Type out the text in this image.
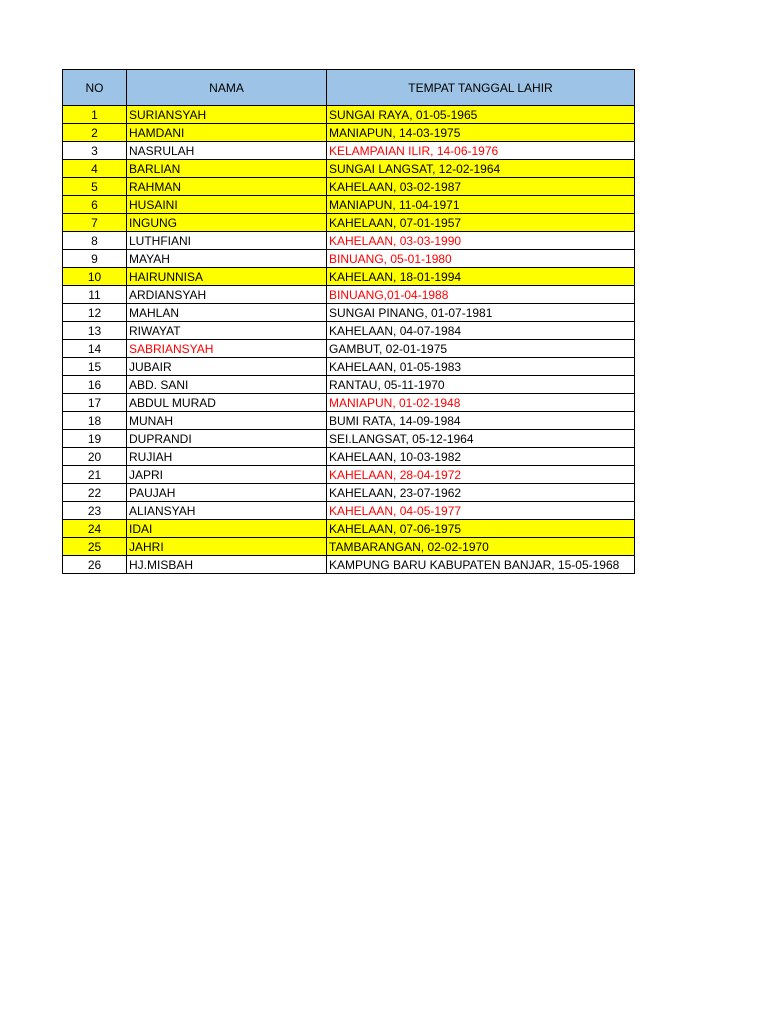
NO	NAMA	TEMPAT TANGGAL LAHIR
1	SURIANSYAH	SUNGAI RAYA, 01-05-1965
2	HAMDANI	MANIAPUN, 14-03-1975
3	NASRULAH	KELAMPAIAN ILIR, 14-06-1976
4	BARLIAN	SUNGAI LANGSAT, 12-02-1964
5	RAHMAN	KAHELAAN, 03-02-1987
6	HUSAINI	MANIAPUN, 11-04-1971
7	INGUNG	KAHELAAN, 07-01-1957
8	LUTHFIANI	KAHELAAN, 03-03-1990
9	MAYAH	BINUANG, 05-01-1980
10	HAIRUNNISA	KAHELAAN, 18-01-1994
11	ARDIANSYAH	BINUANG,01-04-1988
12	MAHLAN	SUNGAI PINANG, 01-07-1981
13	RIWAYAT	KAHELAAN, 04-07-1984
14	SABRIANSYAH	GAMBUT, 02-01-1975
15	JUBAIR	KAHELAAN, 01-05-1983
16	ABD. SANI	RANTAU, 05-11-1970
17	ABDUL MURAD	MANIAPUN, 01-02-1948
18	MUNAH	BUMI RATA, 14-09-1984
19	DUPRANDI	SEI.LANGSAT, 05-12-1964
20	RUJIAH	KAHELAAN, 10-03-1982
21	JAPRI	KAHELAAN, 28-04-1972
22	PAUJAH	KAHELAAN, 23-07-1962
23	ALIANSYAH	KAHELAAN, 04-05-1977
24	IDAI	KAHELAAN, 07-06-1975
25	JAHRI	TAMBARANGAN, 02-02-1970
26	HJ.MISBAH	KAMPUNG BARU KABUPATEN BANJAR, 15-05-1968
